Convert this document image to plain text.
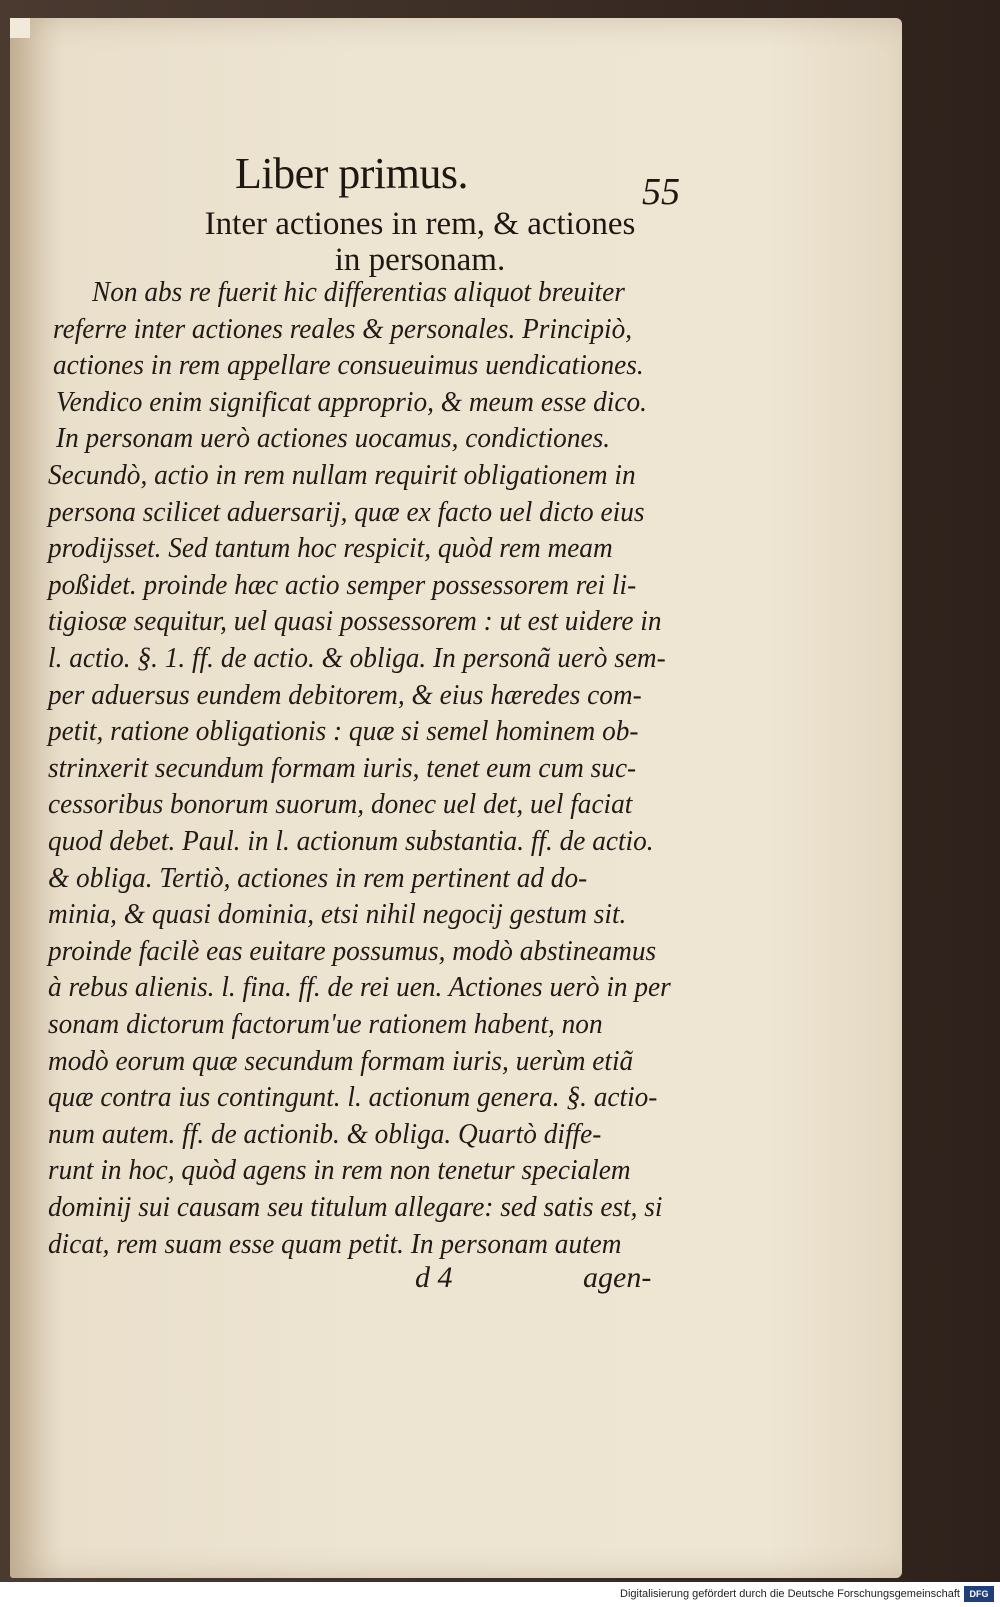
Liber primus.	55
Inter actiones in rem, & actiones
in personam.
Non abs re fuerit hic differentias aliquot breuiter
referre inter actiones reales & personales. Principiò,
actiones in rem appellare consueuimus uendicationes.
Vendico enim significat approprio, & meum esse dico.
In personam uerò actiones uocamus, condictiones.
Secundò, actio in rem nullam requirit obligationem in
persona scilicet aduersarij, quæ ex facto uel dicto eius
prodijsset. Sed tantum hoc respicit, quòd rem meam
poßidet. proinde hæc actio semper possessorem rei li-
tigiosæ sequitur, uel quasi possessorem : ut est uidere in
l. actio. §. 1. ff. de actio. & obliga. In personã uerò sem-
per aduersus eundem debitorem, & eius hæredes com-
petit, ratione obligationis : quæ si semel hominem ob-
strinxerit secundum formam iuris, tenet eum cum suc-
cessoribus bonorum suorum, donec uel det, uel faciat
quod debet. Paul. in l. actionum substantia. ff. de actio.
& obliga. Tertiò, actiones in rem pertinent ad do-
minia, & quasi dominia, etsi nihil negocij gestum sit.
proinde facilè eas euitare possumus, modò abstineamus
à rebus alienis. l. fina. ff. de rei uen. Actiones uerò in per
sonam dictorum factorum'ue rationem habent, non
modò eorum quæ secundum formam iuris, uerùm etiã
quæ contra ius contingunt. l. actionum genera. §. actio-
num autem. ff. de actionib. & obliga. Quartò diffe-
runt in hoc, quòd agens in rem non tenetur specialem
dominij sui causam seu titulum allegare: sed satis est, si
dicat, rem suam esse quam petit. In personam autem
d 4	agen-
Digitalisierung gefördert durch die Deutsche Forschungsgemeinschaft	DFG
